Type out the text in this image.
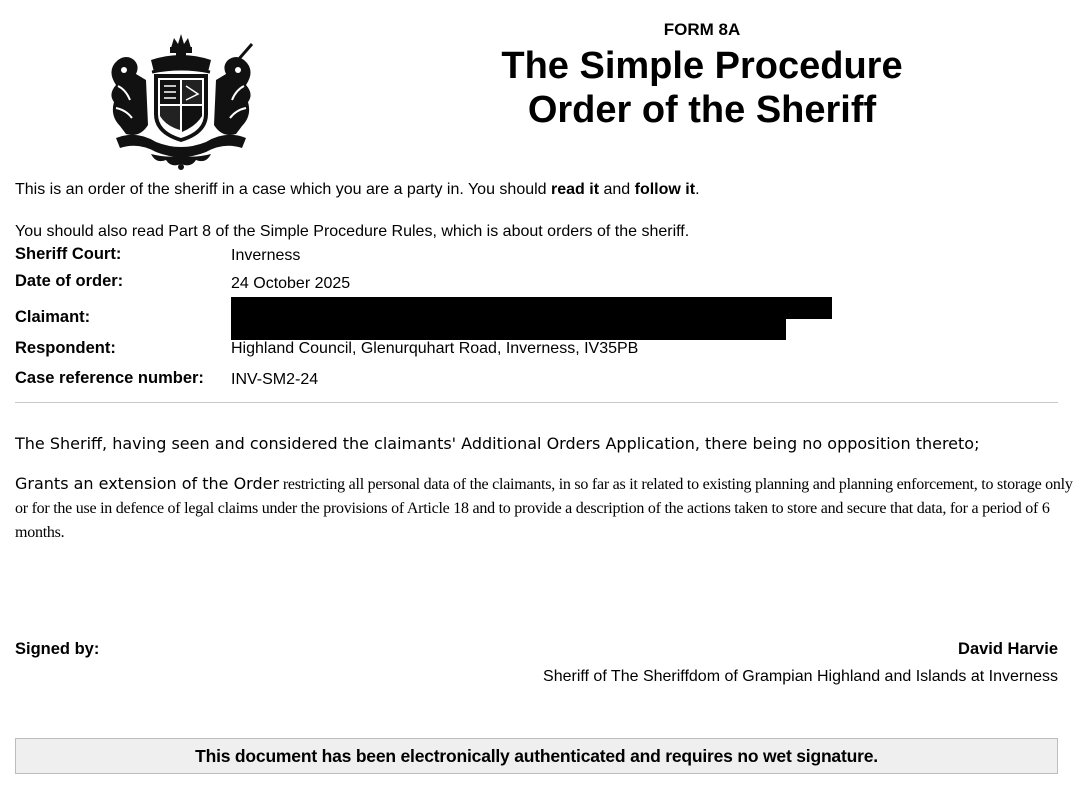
FORM 8A
The Simple Procedure
Order of the Sheriff
This is an order of the sheriff in a case which you are a party in. You should read it and follow it.
You should also read Part 8 of the Simple Procedure Rules, which is about orders of the sheriff.
Sheriff Court:	Inverness
Date of order:	24 October 2025
Claimant:
Respondent:	Highland Council, Glenurquhart Road, Inverness, IV35PB
Case reference number: INV-SM2-24
The Sheriff, having seen and considered the claimants' Additional Orders Application, there being no opposition thereto;
Grants an extension of the Order restricting all personal data of the claimants, in so far as it related to existing planning and planning enforcement, to storage only or for the use in defence of legal claims under the provisions of Article 18 and to provide a description of the actions taken to store and secure that data, for a period of 6 months.
Signed by:	David Harvie
Sheriff of The Sheriffdom of Grampian Highland and Islands at Inverness
This document has been electronically authenticated and requires no wet signature.
